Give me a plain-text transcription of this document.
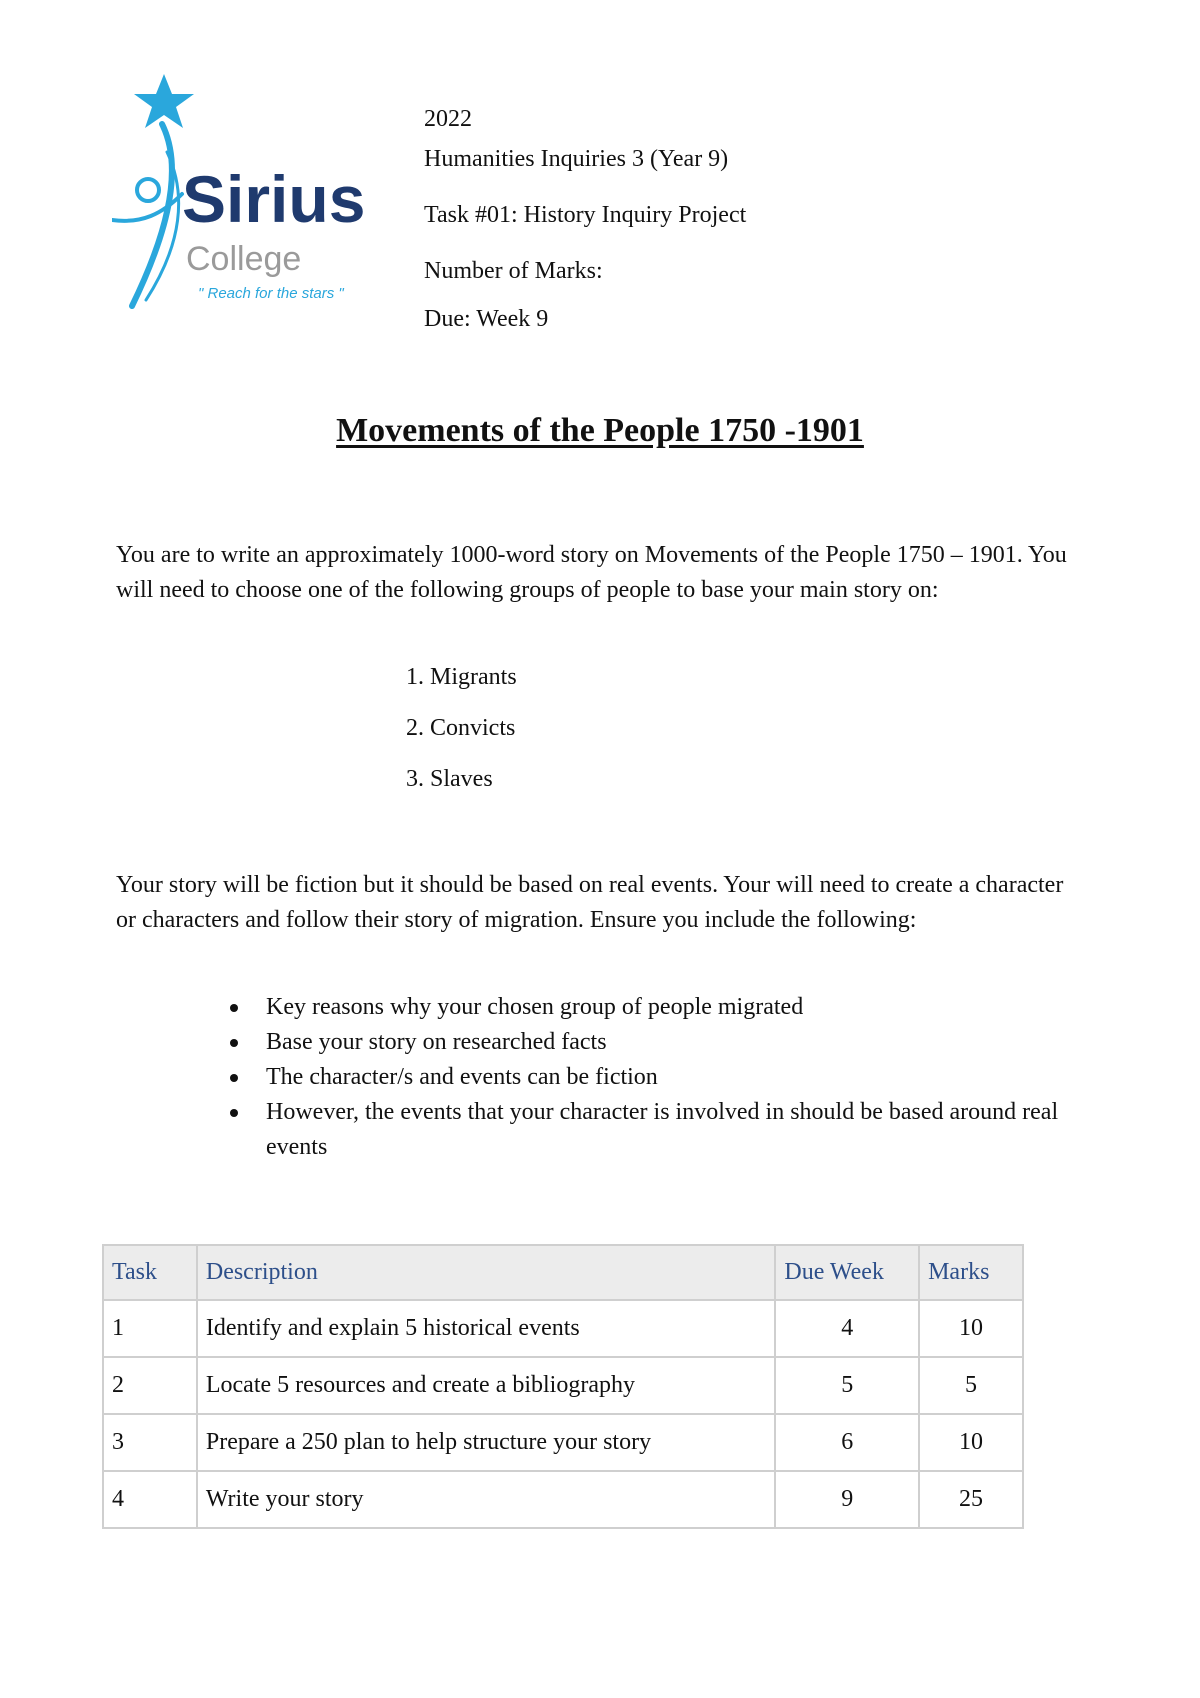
Sirius
College
" Reach for the stars "
2022
Humanities Inquiries 3 (Year 9)
Task #01: History Inquiry Project
Number of Marks:
Due: Week 9
Movements of the People 1750 -1901
You are to write an approximately 1000-word story on Movements of the People 1750 – 1901. You will need to choose one of the following groups of people to base your main story on:
1. Migrants
2. Convicts
3. Slaves
Your story will be fiction but it should be based on real events. Your will need to create a character or characters and follow their story of migration. Ensure you include the following:
Key reasons why your chosen group of people migrated
Base your story on researched facts
The character/s and events can be fiction
However, the events that your character is involved in should be based around real events
Task	Description	Due Week	Marks
1	Identify and explain 5 historical events	4	10
2	Locate 5 resources and create a bibliography	5	5
3	Prepare a 250 plan to help structure your story	6	10
4	Write your story	9	25
